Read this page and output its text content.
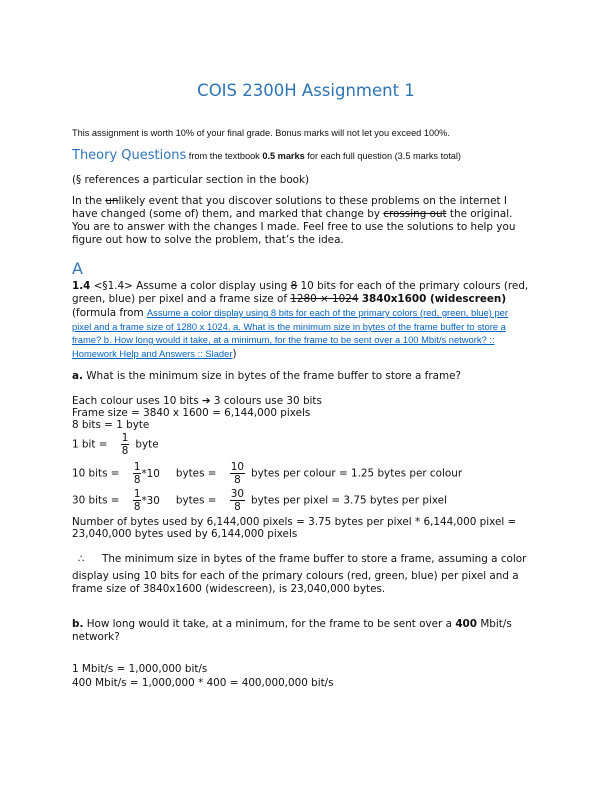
COIS 2300H Assignment 1
This assignment is worth 10% of your final grade. Bonus marks will not let you exceed 100%.
Theory Questions from the textbook 0.5 marks for each full question (3.5 marks total)
(§ references a particular section in the book)
In the unlikely event that you discover solutions to these problems on the internet I
have changed (some of) them, and marked that change by crossing out the original.
You are to answer with the changes I made. Feel free to use the solutions to help you
figure out how to solve the problem, that’s the idea.
A
1.4 <§1.4> Assume a color display using 8 10 bits for each of the primary colours (red,
green, blue) per pixel and a frame size of 1280 × 1024 3840x1600 (widescreen)
(formula from Assume a color display using 8 bits for each of the primary colors (red, green, blue) per
pixel and a frame size of 1280 x 1024. a. What is the minimum size in bytes of the frame buffer to store a
frame? b. How long would it take, at a minimum, for the frame to be sent over a 100 Mbit/s network? ::
Homework Help and Answers :: Slader)
a. What is the minimum size in bytes of the frame buffer to store a frame?
Each colour uses 10 bits ➔ 3 colours use 30 bits
Frame size = 3840 x 1600 = 6,144,000 pixels
8 bits = 1 byte
1 bit = $\frac{1}{8}$ byte
10 bits = $\frac{1}{8} *10$ bytes = $\frac{10}{8}$ bytes per colour = 1.25 bytes per colour
30 bits = $\frac{1}{8} *30$ bytes = $\frac{30}{8}$ bytes per pixel = 3.75 bytes per pixel
Number of bytes used by 6,144,000 pixels = 3.75 bytes per pixel * 6,144,000 pixel =
23,040,000 bytes used by 6,144,000 pixels
∴ The minimum size in bytes of the frame buffer to store a frame, assuming a color
display using 10 bits for each of the primary colours (red, green, blue) per pixel and a
frame size of 3840x1600 (widescreen), is 23,040,000 bytes.
b. How long would it take, at a minimum, for the frame to be sent over a 400 Mbit/s
network?
1 Mbit/s = 1,000,000 bit/s
400 Mbit/s = 1,000,000 * 400 = 400,000,000 bit/s
